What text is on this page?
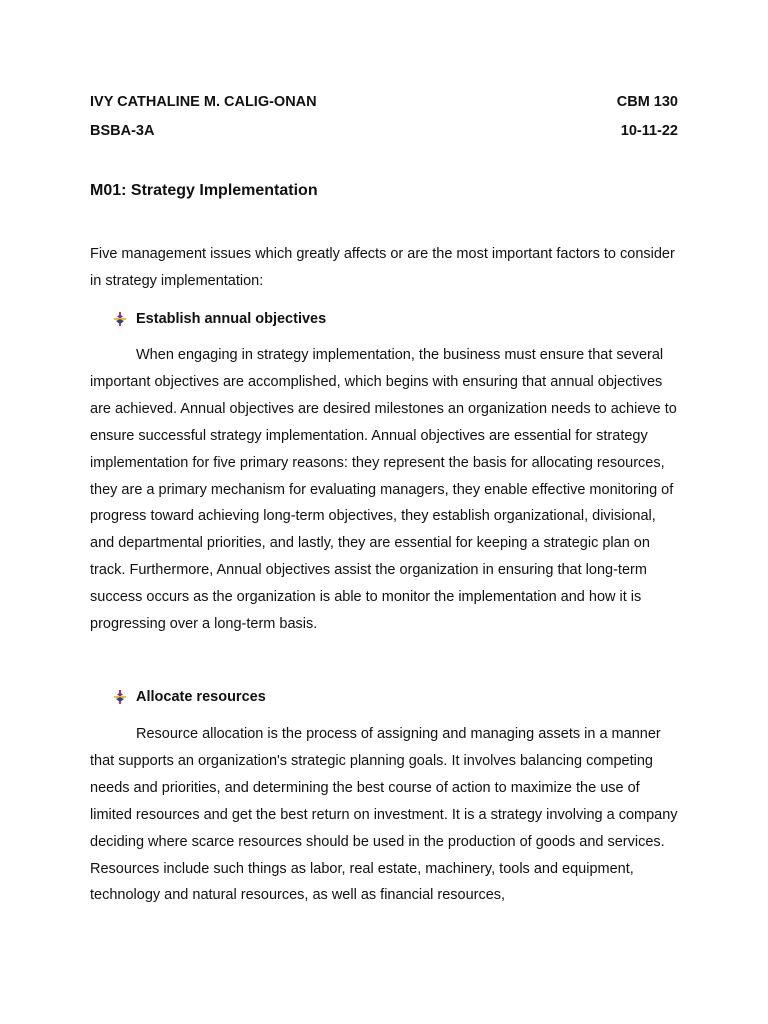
IVY CATHALINE M. CALIG-ONAN	CBM 130
BSBA-3A	10-11-22
M01: Strategy Implementation

Five management issues which greatly affects or are the most important factors to consider in strategy implementation:

Establish annual objectives

When engaging in strategy implementation, the business must ensure that several important objectives are accomplished, which begins with ensuring that annual objectives are achieved. Annual objectives are desired milestones an organization needs to achieve to ensure successful strategy implementation. Annual objectives are essential for strategy implementation for five primary reasons: they represent the basis for allocating resources, they are a primary mechanism for evaluating managers, they enable effective monitoring of progress toward achieving long-term objectives, they establish organizational, divisional, and departmental priorities, and lastly, they are essential for keeping a strategic plan on track. Furthermore, Annual objectives assist the organization in ensuring that long-term success occurs as the organization is able to monitor the implementation and how it is progressing over a long-term basis.

Allocate resources

Resource allocation is the process of assigning and managing assets in a manner that supports an organization's strategic planning goals. It involves balancing competing needs and priorities, and determining the best course of action to maximize the use of limited resources and get the best return on investment. It is a strategy involving a company deciding where scarce resources should be used in the production of goods and services. Resources include such things as labor, real estate, machinery, tools and equipment, technology and natural resources, as well as financial resources,
